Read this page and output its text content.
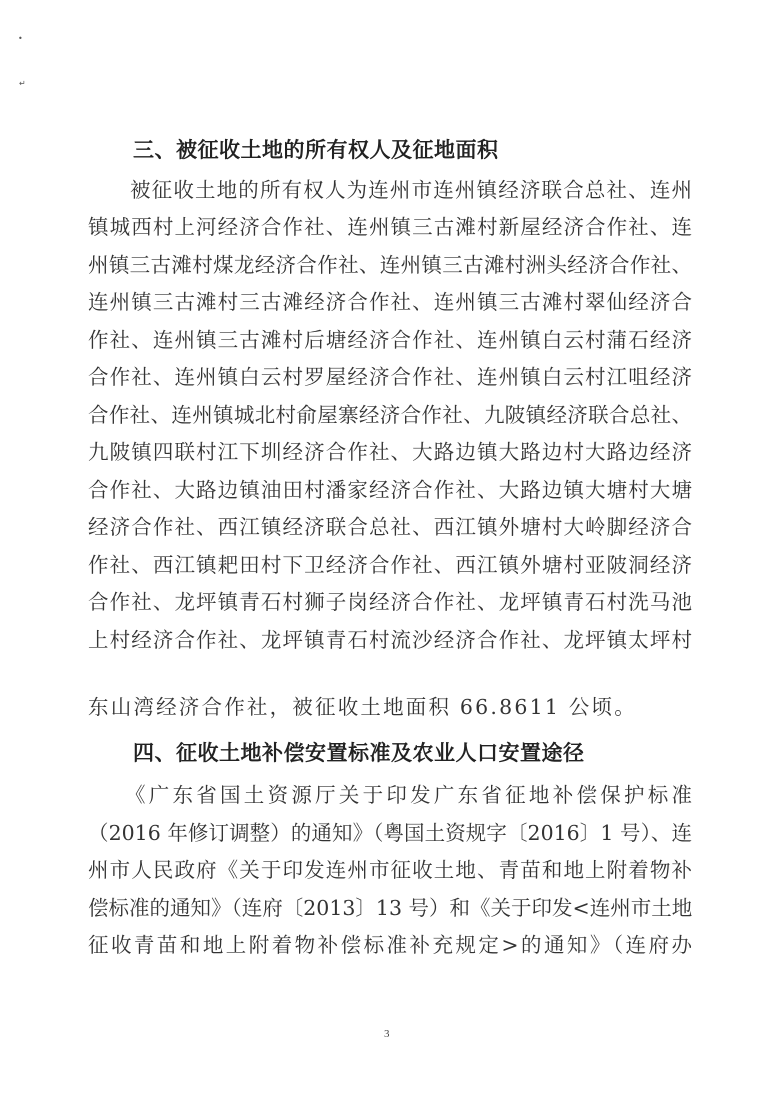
•
↵
三、被征收土地的所有权人及征地面积
被征收土地的所有权人为连州市连州镇经济联合总社、连州
镇城西村上河经济合作社、连州镇三古滩村新屋经济合作社、连
州镇三古滩村煤龙经济合作社、连州镇三古滩村洲头经济合作社、
连州镇三古滩村三古滩经济合作社、连州镇三古滩村翠仙经济合
作社、连州镇三古滩村后塘经济合作社、连州镇白云村蒲石经济
合作社、连州镇白云村罗屋经济合作社、连州镇白云村江咀经济
合作社、连州镇城北村俞屋寨经济合作社、九陂镇经济联合总社、
九陂镇四联村江下圳经济合作社、大路边镇大路边村大路边经济
合作社、大路边镇油田村潘家经济合作社、大路边镇大塘村大塘
经济合作社、西江镇经济联合总社、西江镇外塘村大岭脚经济合
作社、西江镇耙田村下卫经济合作社、西江镇外塘村亚陂洞经济
合作社、龙坪镇青石村狮子岗经济合作社、龙坪镇青石村洗马池
上村经济合作社、龙坪镇青石村流沙经济合作社、龙坪镇太坪村
东山湾经济合作社，被征收土地面积 66.8611 公顷。
四、征收土地补偿安置标准及农业人口安置途径
《广东省国土资源厅关于印发广东省征地补偿保护标准
（2016 年修订调整）的通知》（粤国土资规字〔2016〕1 号）、连
州市人民政府《关于印发连州市征收土地、青苗和地上附着物补
偿标准的通知》（连府〔2013〕13 号）和《关于印发<连州市土地
征收青苗和地上附着物补偿标准补充规定>的通知》（连府办
3
